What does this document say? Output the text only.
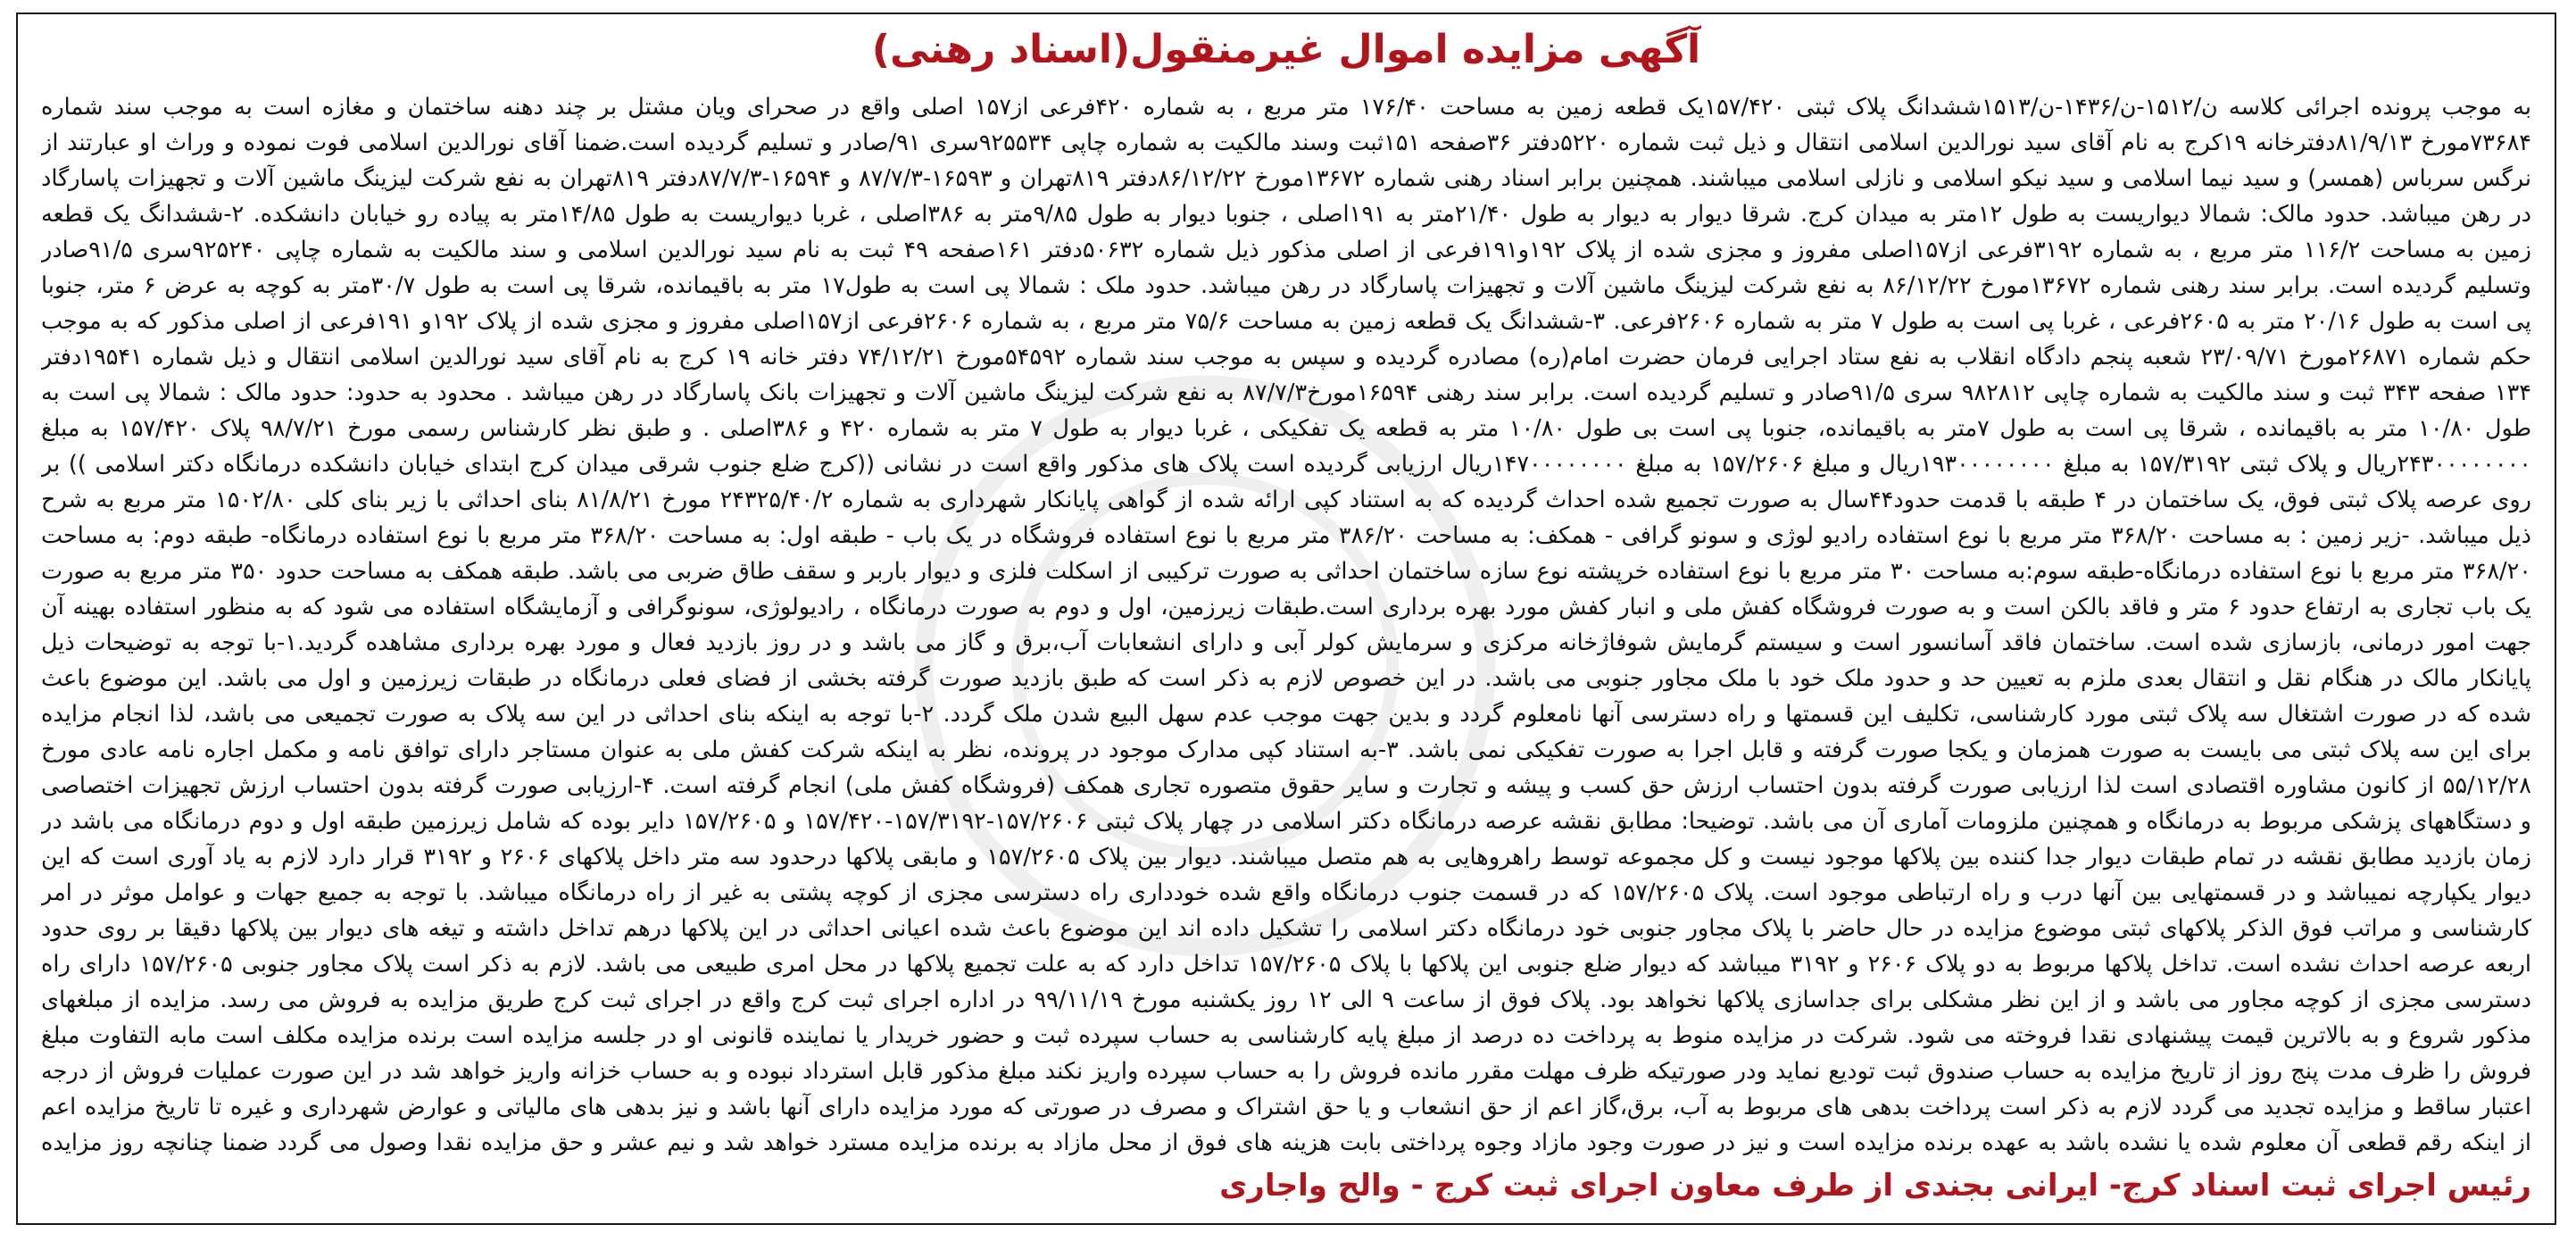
آگهی مزایده اموال غیرمنقول(اسناد رهنی)
به موجب پرونده اجرائی کلاسه ن/۱۵۱۲-ن/۱۴۳۶-ن/۱۵۱۳ششدانگ پلاک ثبتی ۱۵۷/۴۲۰یک قطعه زمین به مساحت ۱۷۶/۴۰ متر مربع ، به شماره ۴۲۰فرعی از۱۵۷ اصلی واقع در صحرای ویان مشتل بر چند دهنه ساختمان و مغازه است به موجب سند شماره ۷۳۶۸۴مورخ ۸۱/۹/۱۳دفترخانه ۱۹کرج به نام آقای سید نورالدین اسلامی انتقال و ذیل ثبت شماره ۵۲۲۰دفتر ۳۶صفحه ۱۵۱ثبت وسند مالکیت به شماره چاپی ۹۲۵۵۳۴سری ۹۱/صادر و تسلیم گردیده است.ضمنا آقای نورالدین اسلامی فوت نموده و وراث او عبارتند از نرگس سرباس (همسر) و سید نیما اسلامی و سید نیکو اسلامی و نازلی اسلامی میباشند. همچنین برابر اسناد رهنی شماره ۱۳۶۷۲مورخ ۸۶/۱۲/۲۲دفتر ۸۱۹تهران و ۱۶۵۹۳-۸۷/۷/۳ و ۱۶۵۹۴-۸۷/۷/۳دفتر ۸۱۹تهران به نفع شرکت لیزینگ ماشین آلات و تجهیزات پاسارگاد در رهن میباشد. حدود مالک: شمالا دیواریست به طول ۱۲متر به میدان کرج. شرقا دیوار به دیوار به طول ۲۱/۴۰متر به ۱۹۱اصلی ، جنوبا دیوار به طول ۹/۸۵متر به ۳۸۶اصلی ، غربا دیواریست به طول ۱۴/۸۵متر به پیاده رو خیابان دانشکده. ۲-ششدانگ یک قطعه زمین به مساحت ۱۱۶/۲ متر مربع ، به شماره ۳۱۹۲فرعی از۱۵۷اصلی مفروز و مجزی شده از پلاک ۱۹۲و۱۹۱فرعی از اصلی مذکور ذیل شماره ۵۰۶۳۲دفتر ۱۶۱صفحه ۴۹ ثبت به نام سید نورالدین اسلامی و سند مالکیت به شماره چاپی ۹۲۵۲۴۰سری ۹۱/۵صادر وتسلیم گردیده است. برابر سند رهنی شماره ۱۳۶۷۲مورخ ۸۶/۱۲/۲۲ به نفع شرکت لیزینگ ماشین آلات و تجهیزات پاسارگاد در رهن میباشد. حدود ملک : شمالا پی است به طول۱۷ متر به باقیمانده، شرقا پی است به طول ۳۰/۷متر به کوچه به عرض ۶ متر، جنوبا پی است به طول ۲۰/۱۶ متر به ۲۶۰۵فرعی ، غربا پی است به طول ۷ متر به شماره ۲۶۰۶فرعی. ۳-ششدانگ یک قطعه زمین به مساحت ۷۵/۶ متر مربع ، به شماره ۲۶۰۶فرعی از۱۵۷اصلی مفروز و مجزی شده از پلاک ۱۹۲و ۱۹۱فرعی از اصلی مذکور که به موجب حکم شماره ۲۶۸۷۱مورخ ۲۳/۰۹/۷۱ شعبه پنجم دادگاه انقلاب به نفع ستاد اجرایی فرمان حضرت امام(ره) مصادره گردیده و سپس به موجب سند شماره ۵۴۵۹۲مورخ ۷۴/۱۲/۲۱ دفتر خانه ۱۹ کرج به نام آقای سید نورالدین اسلامی انتقال و ذیل شماره ۱۹۵۴۱دفتر ۱۳۴ صفحه ۳۴۳ ثبت و سند مالکیت به شماره چاپی ۹۸۲۸۱۲ سری ۹۱/۵صادر و تسلیم گردیده است. برابر سند رهنی ۱۶۵۹۴مورخ۸۷/۷/۳ به نفع شرکت لیزینگ ماشین آلات و تجهیزات بانک پاسارگاد در رهن میباشد . محدود به حدود: حدود مالک : شمالا پی است به طول ۱۰/۸۰ متر به باقیمانده ، شرقا پی است به طول ۷متر به باقیمانده، جنوبا پی است بی طول ۱۰/۸۰ متر به قطعه یک تفکیکی ، غربا دیوار به طول ۷ متر به شماره ۴۲۰ و ۳۸۶اصلی . و طبق نظر کارشناس رسمی مورخ ۹۸/۷/۲۱ پلاک ۱۵۷/۴۲۰ به مبلغ ۲۴۳۰۰۰۰۰۰۰۰ریال و پلاک ثبتی ۱۵۷/۳۱۹۲ به مبلغ ۱۹۳۰۰۰۰۰۰۰۰ریال و مبلغ ۱۵۷/۲۶۰۶ به مبلغ ۱۴۷۰۰۰۰۰۰۰۰ریال ارزیابی گردیده است پلاک های مذکور واقع است در نشانی ((کرج ضلع جنوب شرقی میدان کرج ابتدای خیابان دانشکده درمانگاه دکتر اسلامی )) بر روی عرصه پلاک ثبتی فوق، یک ساختمان در ۴ طبقه با قدمت حدود۴۴سال به صورت تجمیع شده احداث گردیده که به استناد کپی ارائه شده از گواهی پایانکار شهرداری به شماره ۲۴۳۲۵/۴۰/۲ مورخ ۸۱/۸/۲۱ بنای احداثی با زیر بنای کلی ۱۵۰۲/۸۰ متر مربع به شرح ذیل میباشد. -زیر زمین : به مساحت ۳۶۸/۲۰ متر مربع با نوع استفاده رادیو لوژی و سونو گرافی - همکف: به مساحت ۳۸۶/۲۰ متر مربع با نوع استفاده فروشگاه در یک باب - طبقه اول: به مساحت ۳۶۸/۲۰ متر مربع با نوع استفاده درمانگاه- طبقه دوم: به مساحت ۳۶۸/۲۰ متر مربع با نوع استفاده درمانگاه-طبقه سوم:به مساحت ۳۰ متر مربع با نوع استفاده خرپشته نوع سازه ساختمان احداثی به صورت ترکیبی از اسکلت فلزی و دیوار باربر و سقف طاق ضربی می باشد. طبقه همکف به مساحت حدود ۳۵۰ متر مربع به صورت یک باب تجاری به ارتفاع حدود ۶ متر و فاقد بالکن است و به صورت فروشگاه کفش ملی و انبار کفش مورد بهره برداری است.طبقات زیرزمین، اول و دوم به صورت درمانگاه ، رادیولوژی، سونوگرافی و آزمایشگاه استفاده می شود که به منظور استفاده بهینه آن جهت امور درمانی، بازسازی شده است. ساختمان فاقد آسانسور است و سیستم گرمایش شوفاژخانه مرکزی و سرمایش کولر آبی و دارای انشعابات آب،برق و گاز می باشد و در روز بازدید فعال و مورد بهره برداری مشاهده گردید.۱-با توجه به توضیحات ذیل پایانکار مالک در هنگام نقل و انتقال بعدی ملزم به تعیین حد و حدود ملک خود با ملک مجاور جنوبی می باشد. در این خصوص لازم به ذکر است که طبق بازدید صورت گرفته بخشی از فضای فعلی درمانگاه در طبقات زیرزمین و اول می باشد. این موضوع باعث شده که در صورت اشتغال سه پلاک ثبتی مورد کارشناسی، تکلیف این قسمتها و راه دسترسی آنها نامعلوم گردد و بدین جهت موجب عدم سهل البیع شدن ملک گردد. ۲-با توجه به اینکه بنای احداثی در این سه پلاک به صورت تجمیعی می باشد، لذا انجام مزایده برای این سه پلاک ثبتی می بایست به صورت همزمان و یکجا صورت گرفته و قابل اجرا به صورت تفکیکی نمی باشد. ۳-به استناد کپی مدارک موجود در پرونده، نظر به اینکه شرکت کفش ملی به عنوان مستاجر دارای توافق نامه و مکمل اجاره نامه عادی مورخ ۵۵/۱۲/۲۸ از کانون مشاوره اقتصادی است لذا ارزیابی صورت گرفته بدون احتساب ارزش حق کسب و پیشه و تجارت و سایر حقوق متصوره تجاری همکف (فروشگاه کفش ملی) انجام گرفته است. ۴-ارزیابی صورت گرفته بدون احتساب ارزش تجهیزات اختصاصی و دستگاههای پزشکی مربوط به درمانگاه و همچنین ملزومات آماری آن می باشد. توضیحا: مطابق نقشه عرصه درمانگاه دکتر اسلامی در چهار پلاک ثبتی ۱۵۷/۲۶۰۶-۱۵۷/۳۱۹۲-۱۵۷/۴۲۰ و ۱۵۷/۲۶۰۵ دایر بوده که شامل زیرزمین طبقه اول و دوم درمانگاه می باشد در زمان بازدید مطابق نقشه در تمام طبقات دیوار جدا کننده بین پلاکها موجود نیست و کل مجموعه توسط راهروهایی به هم متصل میباشند. دیوار بین پلاک ۱۵۷/۲۶۰۵ و مابقی پلاکها درحدود سه متر داخل پلاکهای ۲۶۰۶ و ۳۱۹۲ قرار دارد لازم به یاد آوری است که این دیوار یکپارچه نمیباشد و در قسمتهایی بین آنها درب و راه ارتباطی موجود است. پلاک ۱۵۷/۲۶۰۵ که در قسمت جنوب درمانگاه واقع شده خودداری راه دسترسی مجزی از کوچه پشتی به غیر از راه درمانگاه میباشد. با توجه به جمیع جهات و عوامل موثر در امر کارشناسی و مراتب فوق الذکر پلاکهای ثبتی موضوع مزایده در حال حاضر با پلاک مجاور جنوبی خود درمانگاه دکتر اسلامی را تشکیل داده اند این موضوع باعث شده اعیانی احداثی در این پلاکها درهم تداخل داشته و تیغه های دیوار بین پلاکها دقیقا بر روی حدود اربعه عرصه احداث نشده است. تداخل پلاکها مربوط به دو پلاک ۲۶۰۶ و ۳۱۹۲ میباشد که دیوار ضلع جنوبی این پلاکها با پلاک ۱۵۷/۲۶۰۵ تداخل دارد که به علت تجمیع پلاکها در محل امری طبیعی می باشد. لازم به ذکر است پلاک مجاور جنوبی ۱۵۷/۲۶۰۵ دارای راه دسترسی مجزی از کوچه مجاور می باشد و از این نظر مشکلی برای جداسازی پلاکها نخواهد بود. پلاک فوق از ساعت ۹ الی ۱۲ روز یکشنبه مورخ ۹۹/۱۱/۱۹ در اداره اجرای ثبت کرج واقع در اجرای ثبت کرج طریق مزایده به فروش می رسد. مزایده از مبلغهای مذکور شروع و به بالاترین قیمت پیشنهادی نقدا فروخته می شود. شرکت در مزایده منوط به پرداخت ده درصد از مبلغ پایه کارشناسی به حساب سپرده ثبت و حضور خریدار یا نماینده قانونی او در جلسه مزایده است برنده مزایده مکلف است مابه التفاوت مبلغ فروش را ظرف مدت پنج روز از تاریخ مزایده به حساب صندوق ثبت تودیع نماید ودر صورتیکه ظرف مهلت مقرر مانده فروش را به حساب سپرده واریز نکند مبلغ مذکور قابل استرداد نبوده و به حساب خزانه واریز خواهد شد در این صورت عملیات فروش از درجه اعتبار ساقط و مزایده تجدید می گردد لازم به ذکر است پرداخت بدهی های مربوط به آب، برق،گاز اعم از حق انشعاب و یا حق اشتراک و مصرف در صورتی که مورد مزایده دارای آنها باشد و نیز بدهی های مالیاتی و عوارض شهرداری و غیره تا تاریخ مزایده اعم از اینکه رقم قطعی آن معلوم شده یا نشده باشد به عهده برنده مزایده است و نیز در صورت وجود مازاد وجوه پرداختی بابت هزینه های فوق از محل مازاد به برنده مزایده مسترد خواهد شد و نیم عشر و حق مزایده نقدا وصول می گردد ضمنا چنانچه روز مزایده
رئیس اجرای ثبت اسناد کرج- ایرانی بجندی از طرف معاون اجرای ثبت کرج - والح واجاری
